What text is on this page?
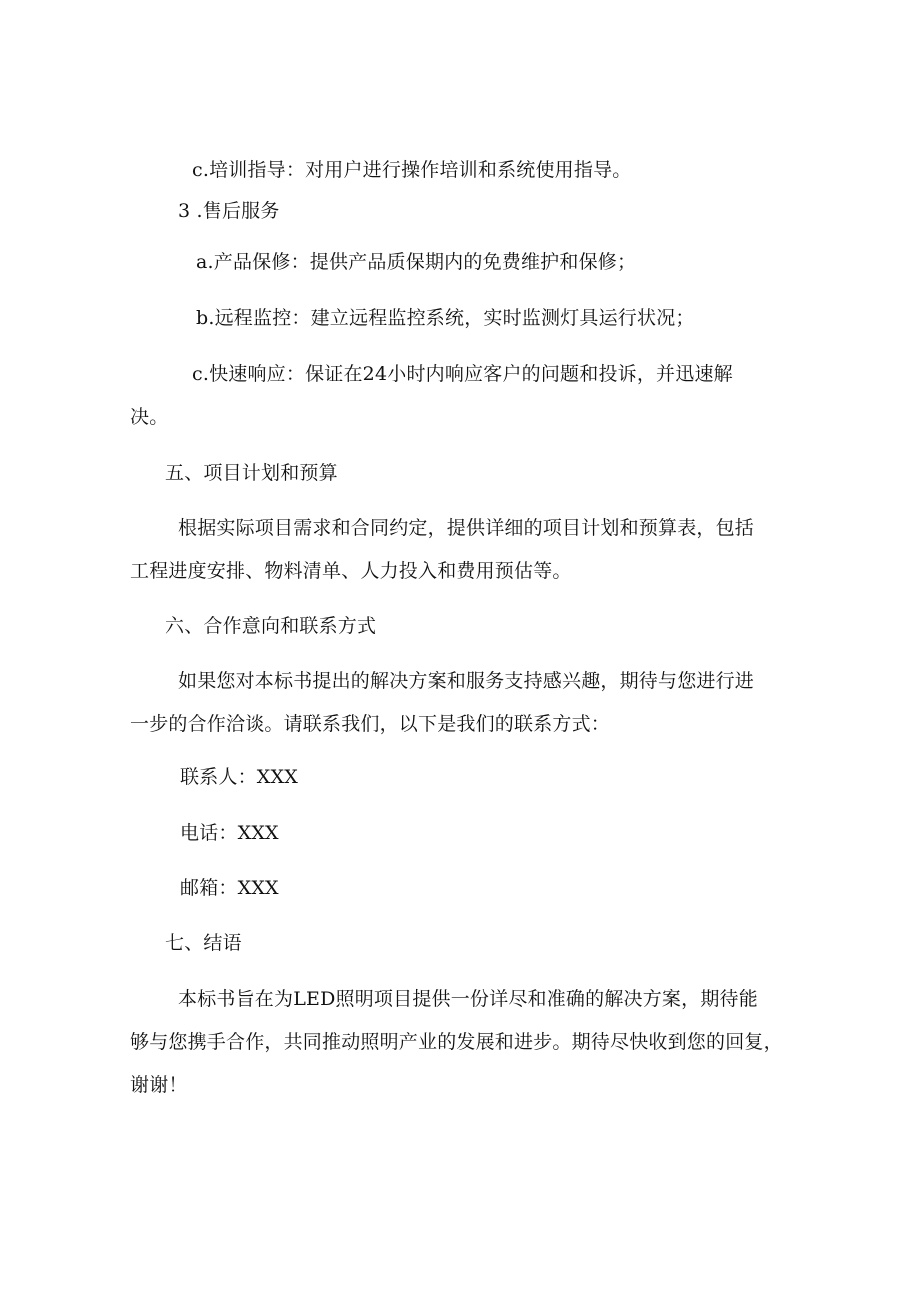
c.培训指导：对用户进行操作培训和系统使用指导。
3 .售后服务
a.产品保修：提供产品质保期内的免费维护和保修；
b.远程监控：建立远程监控系统，实时监测灯具运行状况；
c.快速响应：保证在24小时内响应客户的问题和投诉，并迅速解
决。
五、项目计划和预算
根据实际项目需求和合同约定，提供详细的项目计划和预算表，包括
工程进度安排、物料清单、人力投入和费用预估等。
六、合作意向和联系方式
如果您对本标书提出的解决方案和服务支持感兴趣，期待与您进行进
一步的合作洽谈。请联系我们，以下是我们的联系方式：
联系人：XXX
电话：XXX
邮箱：XXX
七、结语
本标书旨在为LED照明项目提供一份详尽和准确的解决方案，期待能
够与您携手合作，共同推动照明产业的发展和进步。期待尽快收到您的回复，
谢谢！
